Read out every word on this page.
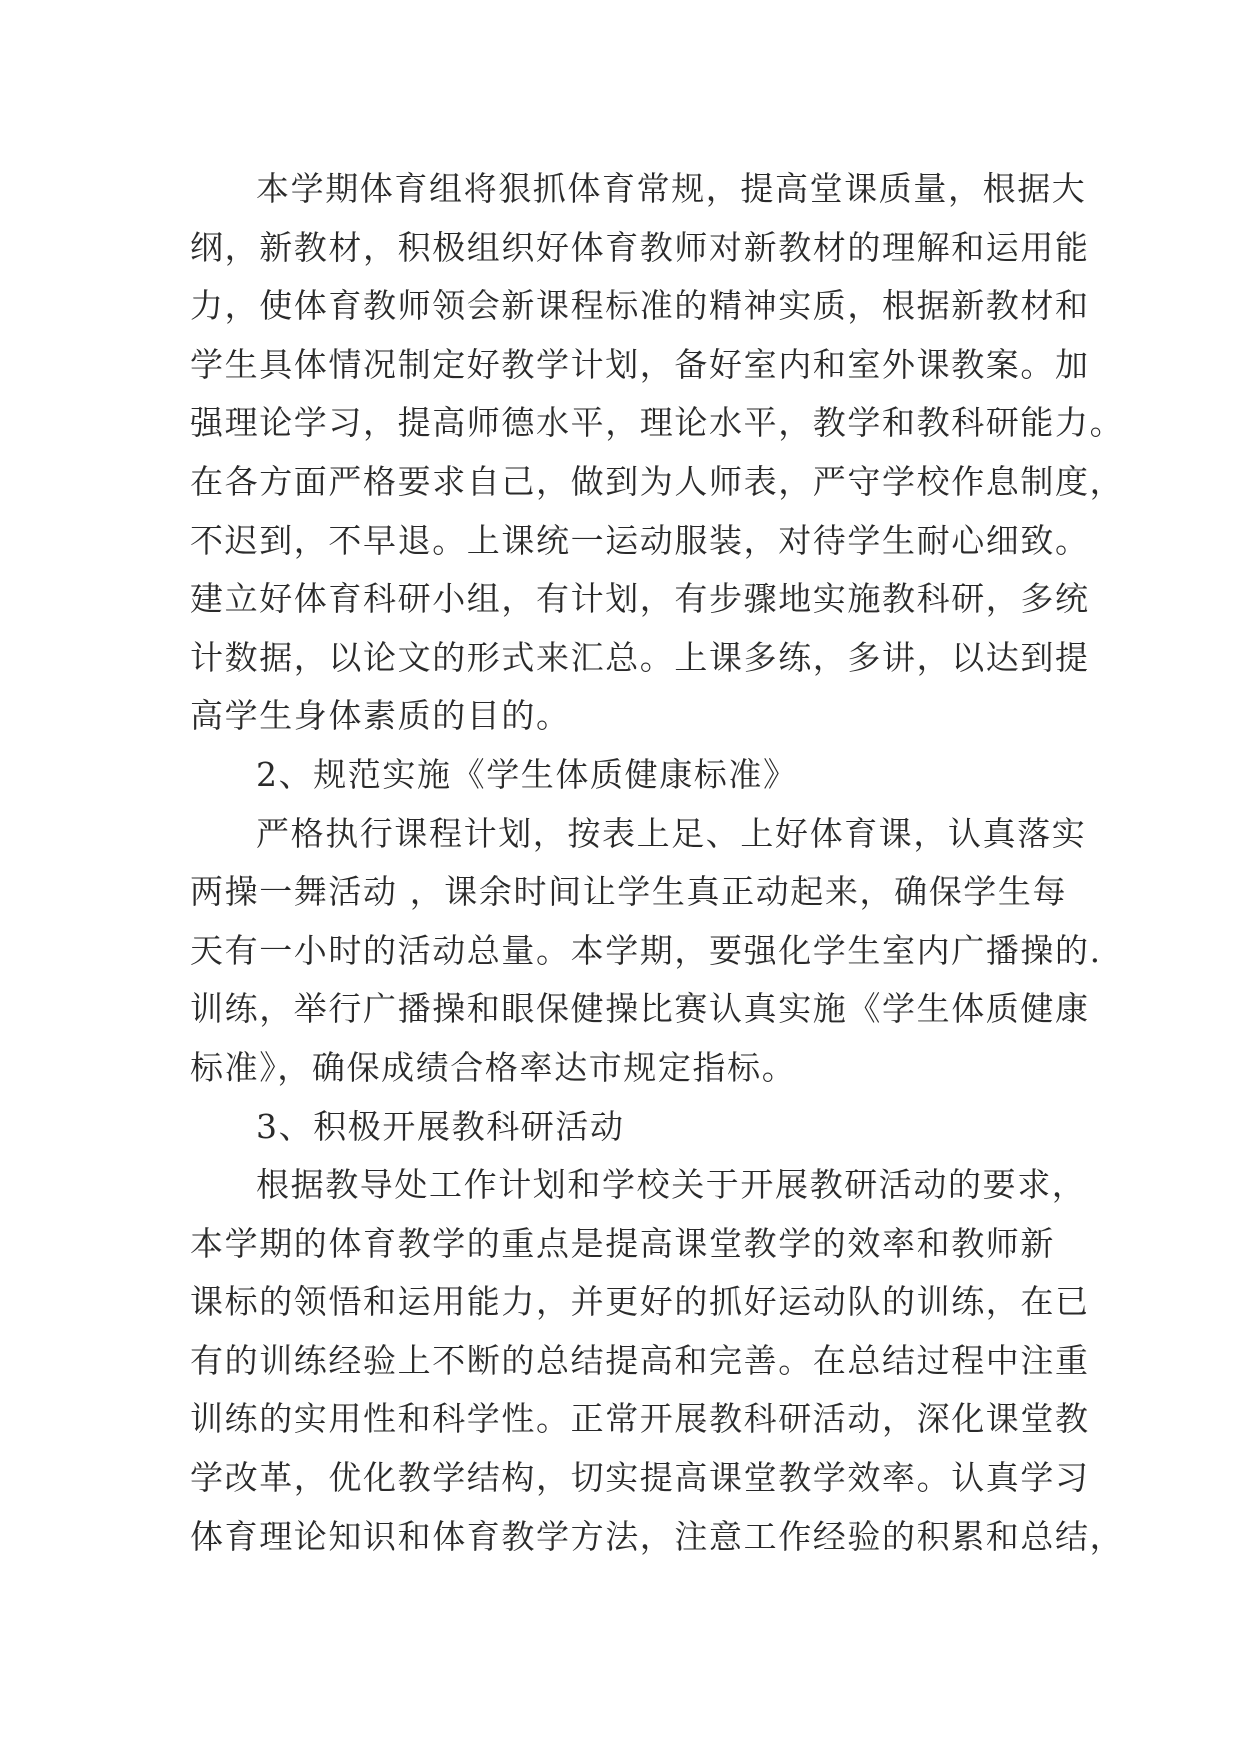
本学期体育组将狠抓体育常规，提高堂课质量，根据大
纲，新教材，积极组织好体育教师对新教材的理解和运用能
力，使体育教师领会新课程标准的精神实质，根据新教材和
学生具体情况制定好教学计划，备好室内和室外课教案。加
强理论学习，提高师德水平，理论水平，教学和教科研能力。
在各方面严格要求自己，做到为人师表，严守学校作息制度，
不迟到，不早退。上课统一运动服装，对待学生耐心细致。
建立好体育科研小组，有计划，有步骤地实施教科研，多统
计数据，以论文的形式来汇总。上课多练，多讲，以达到提
高学生身体素质的目的。
2、规范实施《学生体质健康标准》
严格执行课程计划，按表上足、上好体育课，认真落实
两操一舞活动 ，课余时间让学生真正动起来，确保学生每
天有一小时的活动总量。本学期，要强化学生室内广播操的.
训练，举行广播操和眼保健操比赛认真实施《学生体质健康
标准》，确保成绩合格率达市规定指标。
3、积极开展教科研活动
根据教导处工作计划和学校关于开展教研活动的要求，
本学期的体育教学的重点是提高课堂教学的效率和教师新
课标的领悟和运用能力，并更好的抓好运动队的训练，在已
有的训练经验上不断的总结提高和完善。在总结过程中注重
训练的实用性和科学性。正常开展教科研活动，深化课堂教
学改革，优化教学结构，切实提高课堂教学效率。认真学习
体育理论知识和体育教学方法，注意工作经验的积累和总结，
